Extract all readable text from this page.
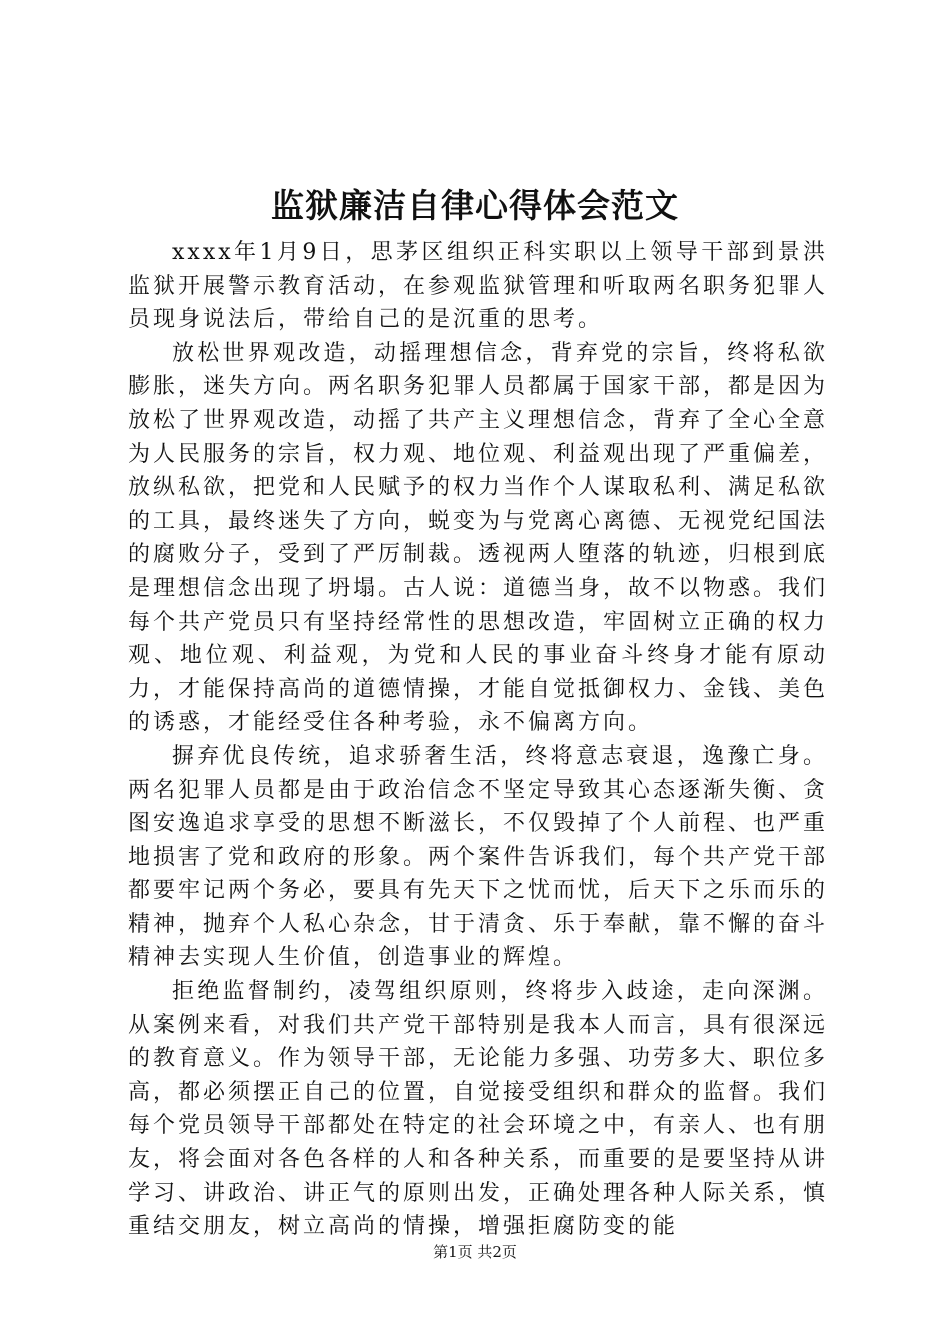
监狱廉洁自律心得体会范文

xxxx年1月9日，思茅区组织正科实职以上领导干部到景洪监狱开展警示教育活动，在参观监狱管理和听取两名职务犯罪人员现身说法后，带给自己的是沉重的思考。

放松世界观改造，动摇理想信念，背弃党的宗旨，终将私欲膨胀，迷失方向。两名职务犯罪人员都属于国家干部，都是因为放松了世界观改造，动摇了共产主义理想信念，背弃了全心全意为人民服务的宗旨，权力观、地位观、利益观出现了严重偏差，放纵私欲，把党和人民赋予的权力当作个人谋取私利、满足私欲的工具，最终迷失了方向，蜕变为与党离心离德、无视党纪国法的腐败分子，受到了严厉制裁。透视两人堕落的轨迹，归根到底是理想信念出现了坍塌。古人说：道德当身，故不以物惑。我们每个共产党员只有坚持经常性的思想改造，牢固树立正确的权力观、地位观、利益观，为党和人民的事业奋斗终身才能有原动力，才能保持高尚的道德情操，才能自觉抵御权力、金钱、美色的诱惑，才能经受住各种考验，永不偏离方向。

摒弃优良传统，追求骄奢生活，终将意志衰退，逸豫亡身。两名犯罪人员都是由于政治信念不坚定导致其心态逐渐失衡、贪图安逸追求享受的思想不断滋长，不仅毁掉了个人前程、也严重地损害了党和政府的形象。两个案件告诉我们，每个共产党干部都要牢记两个务必，要具有先天下之忧而忧，后天下之乐而乐的精神，抛弃个人私心杂念，甘于清贪、乐于奉献，靠不懈的奋斗精神去实现人生价值，创造事业的辉煌。

拒绝监督制约，凌驾组织原则，终将步入歧途，走向深渊。从案例来看，对我们共产党干部特别是我本人而言，具有很深远的教育意义。作为领导干部，无论能力多强、功劳多大、职位多高，都必须摆正自己的位置，自觉接受组织和群众的监督。我们每个党员领导干部都处在特定的社会环境之中，有亲人、也有朋友，将会面对各色各样的人和各种关系，而重要的是要坚持从讲学习、讲政治、讲正气的原则出发，正确处理各种人际关系，慎重结交朋友，树立高尚的情操，增强拒腐防变的能

第1页 共2页
